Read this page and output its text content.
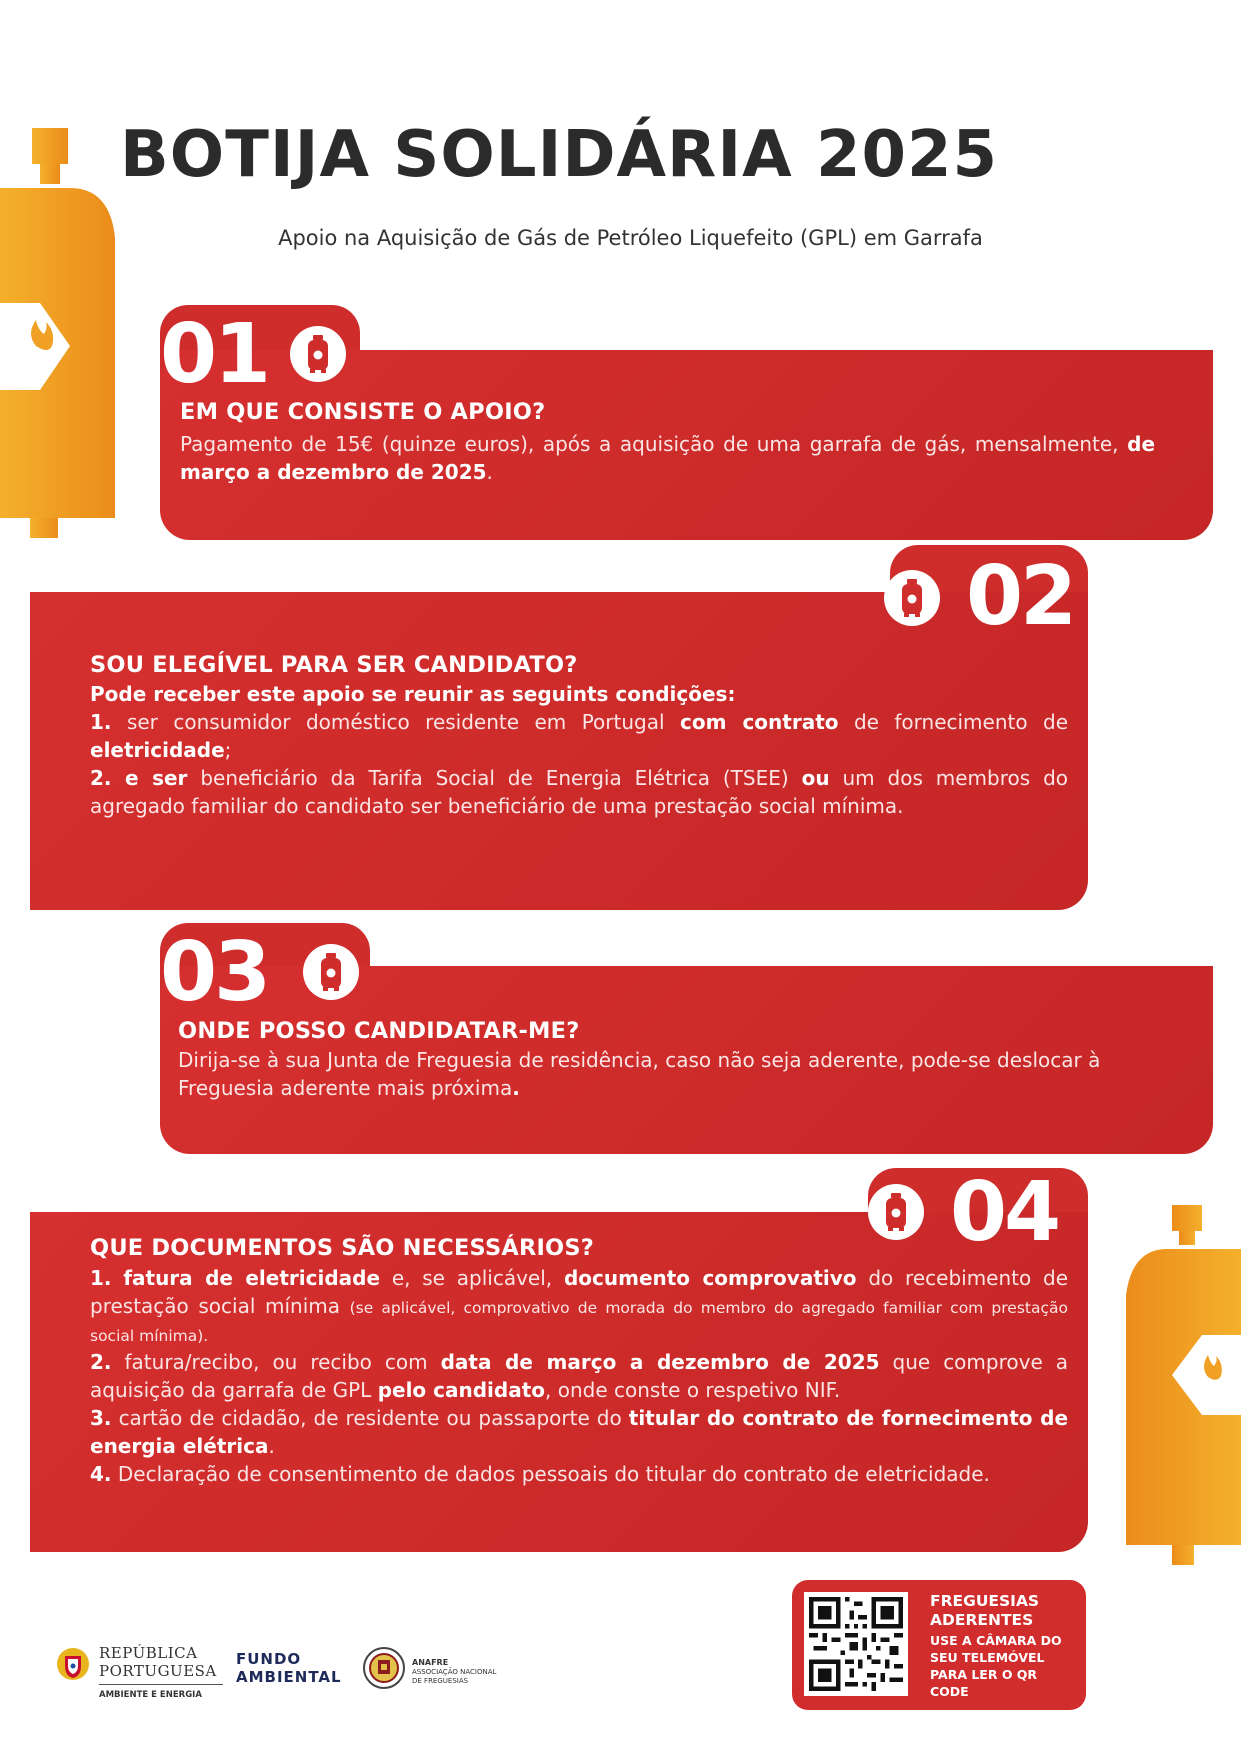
BOTIJA SOLIDÁRIA 2025
Apoio na Aquisição de Gás de Petróleo Liquefeito (GPL) em Garrafa
01
EM QUE CONSISTE O APOIO?
Pagamento de 15€ (quinze euros), após a aquisição de uma garrafa de gás, mensalmente, de março a dezembro de 2025.
02
SOU ELEGÍVEL PARA SER CANDIDATO?
Pode receber este apoio se reunir as seguints condições:
1. ser consumidor doméstico residente em Portugal com contrato de fornecimento de eletricidade;
2. e ser beneficiário da Tarifa Social de Energia Elétrica (TSEE) ou um dos membros do agregado familiar do candidato ser beneficiário de uma prestação social mínima.
03
ONDE POSSO CANDIDATAR-ME?
Dirija-se à sua Junta de Freguesia de residência, caso não seja aderente, pode-se deslocar à Freguesia aderente mais próxima.
04
QUE DOCUMENTOS SÃO NECESSÁRIOS?
1. fatura de eletricidade e, se aplicável, documento comprovativo do recebimento de prestação social mínima (se aplicável, comprovativo de morada do membro do agregado familiar com prestação social mínima).
2. fatura/recibo, ou recibo com data de março a dezembro de 2025 que comprove a aquisição da garrafa de GPL pelo candidato, onde conste o respetivo NIF.
3. cartão de cidadão, de residente ou passaporte do titular do contrato de fornecimento de energia elétrica.
4. Declaração de consentimento de dados pessoais do titular do contrato de eletricidade.
FREGUESIAS ADERENTES
USE A CÂMARA DO SEU TELEMÓVEL PARA LER O QR CODE
REPÚBLICA
PORTUGUESA
AMBIENTE E ENERGIA
FUNDO
AMBIENTAL
ANAFRE
ASSOCIAÇÃO NACIONAL
DE FREGUESIAS
